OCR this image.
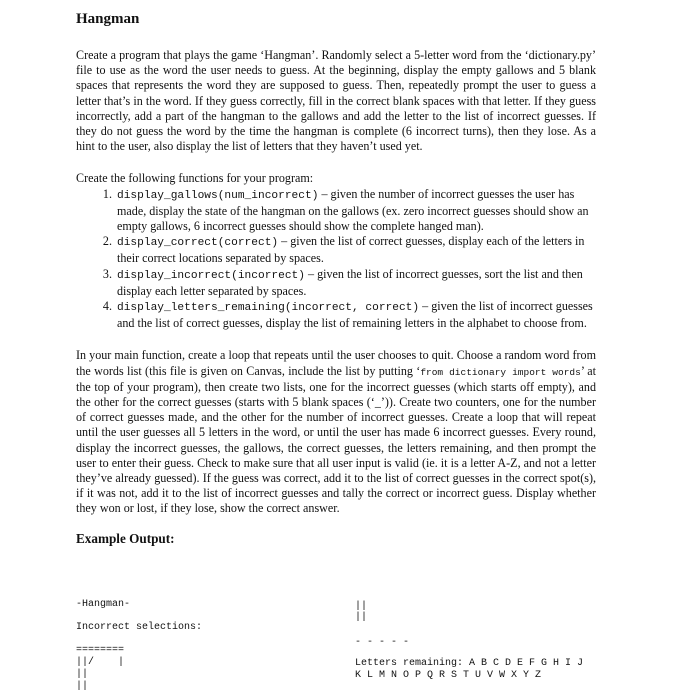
Hangman

Create a program that plays the game ‘Hangman’. Randomly select a 5-letter word from the ‘dictionary.py’ file to use as the word the user needs to guess. At the beginning, display the empty gallows and 5 blank spaces that represents the word they are supposed to guess. Then, repeatedly prompt the user to guess a letter that’s in the word. If they guess correctly, fill in the correct blank spaces with that letter. If they guess incorrectly, add a part of the hangman to the gallows and add the letter to the list of incorrect guesses. If they do not guess the word by the time the hangman is complete (6 incorrect turns), then they lose. As a hint to the user, also display the list of letters that they haven’t used yet.

Create the following functions for your program:

1. display_gallows(num_incorrect) – given the number of incorrect guesses the user has made, display the state of the hangman on the gallows (ex. zero incorrect guesses should show an empty gallows, 6 incorrect guesses should show the complete hanged man).
2. display_correct(correct) – given the list of correct guesses, display each of the letters in their correct locations separated by spaces.
3. display_incorrect(incorrect) – given the list of incorrect guesses, sort the list and then display each letter separated by spaces.
4. display_letters_remaining(incorrect, correct) – given the list of incorrect guesses and the list of correct guesses, display the list of remaining letters in the alphabet to choose from.

In your main function, create a loop that repeats until the user chooses to quit. Choose a random word from the words list (this file is given on Canvas, include the list by putting ‘from dictionary import words’ at the top of your program), then create two lists, one for the incorrect guesses (which starts off empty), and the other for the correct guesses (starts with 5 blank spaces (‘_’)). Create two counters, one for the number of correct guesses made, and the other for the number of incorrect guesses. Create a loop that will repeat until the user guesses all 5 letters in the word, or until the user has made 6 incorrect guesses. Every round, display the incorrect guesses, the gallows, the correct guesses, the letters remaining, and then prompt the user to enter their guess. Check to make sure that all user input is valid (ie. it is a letter A-Z, and not a letter they’ve already guessed). If the guess was correct, add it to the list of correct guesses in the correct spot(s), if it was not, add it to the list of incorrect guesses and tally the correct or incorrect guess. Display whether they won or lost, if they lose, show the correct answer.

Example Output:
-Hangman-
Incorrect selections:
========
||/    |
||
||
||
||
- - - - -
Letters remaining: A B C D E F G H I J
K L M N O P Q R S T U V W X Y Z
